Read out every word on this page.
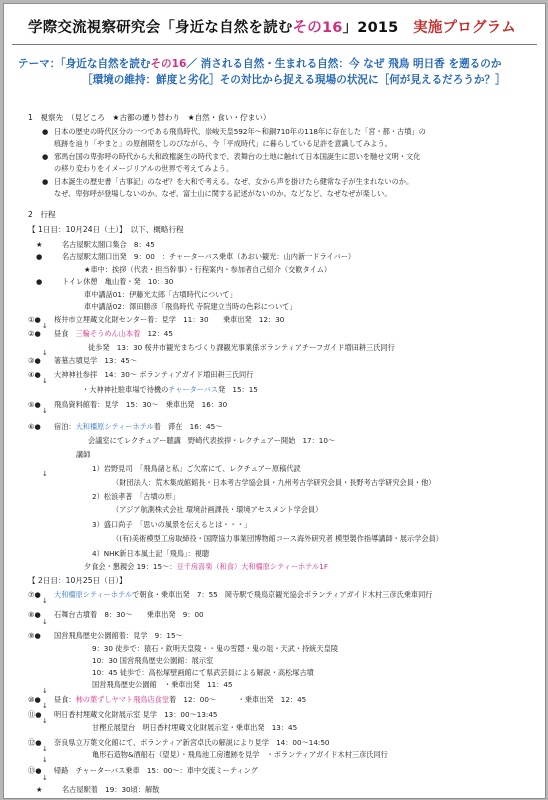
学際交流視察研究会「身近な自然を読むその16」2015　実施プログラム
テーマ：「身近な自然を読むその16／ 消される自然・生まれる自然：今 なぜ 飛鳥 明日香 を遡るのか
［環境の維持：鮮度と劣化］その対比から捉える現場の状況に［何が見えるだろうか？］
1　視察先　（見どころ　★古都の遷り替わり　★自然・食い・佇まい）
● 日本の歴史の時代区分の一つである飛鳥時代、崇峻天皇592年〜和銅710年の118年に存在した「宮・都・古墳」の
痕跡を辿り「やまと」の原創期をしのびながら、今「平成時代」に暮らしている足許を意識してみよう。
● 邪馬台国の卑弥呼の時代から大和政権誕生の時代まで、表舞台の土地に触れて日本国誕生に思いを馳せ文明・文化
の移り変わりをイメージリアルの世界で考えてみよう。
● 日本誕生の歴史書「古事記」のなぜ？を大和で考える。なぜ、女から声を掛けたら健常な子が生まれないのか。
なぜ、卑弥呼が登場しないのか。なぜ、富士山に関する記述がないのか。などなど、なぜなぜが楽しい。
2　行程
【 1日目：10月24日（土）】　以下、概略行程
★	名古屋駅太閤口集合　8：45
●	名古屋駅太閤口出発　9：00　：チャーターバス乗車（あおい観光：山内新一ドライバー）
★車中：挨拶（代表・担当幹事）・行程案内・参加者自己紹介（交歓タイム）
●	トイレ休憩　亀山着・発　10：30
車中講話01：伊藤光太郎「古墳時代について」
車中講話02：澤田勝彦「飛鳥時代 寺院建立当時の色彩について」
①● 桜井市立埋蔵文化財センター着：見学　11：30　　乗車出発　12：30
②● 昼食　三輪そうめん山本着　12：45
徒歩発　13：30 桜井市観光まちづくり課観光事業係ボランティアチーフガイド増田耕三氏同行
③● 箸墓古墳見学　13：45〜
④● 大神神社参拝　14：30〜 ボランティアガイド増田耕三氏同行
・大神神社駐車場で待機のチャーターバス発　15：15
⑤● 飛鳥資料館着：見学　15：30〜　乗車出発　16：30
⑥● 宿泊：大和橿原シティーホテル着　滞在　16：45〜
会議室にてレクチュアー聴講　野崎代表挨拶・レクチュアー開始　17：10〜
講師
1）岩野見司　「飛鳥諸と私」ご欠席にて、レクチュアー原稿代読
（財団法人：荒木集成館館長・日本考古学協会員・九州考古学研究会員・長野考古学研究会員・他）
2）松浪孝普　「古墳の形」
（アジア航測株式会社 環境計画課長・環境アセスメント学会員）
3）盛口尚子　「思いの風景を伝えるとは・・・」
（(有)美術模型工房取締役・国際協力事業団博物館コース海外研究者 模型製作指導講師・展示学会員）
4）NHK新日本風土記「飛鳥」：視聴
夕食会・懇親会 19：15〜：豆千房喜楽（和食）大和橿原シティーホテル1F
【 2日目：10月25日（日）】
⑦● 大和橿原シティーホテルで朝食・乗車出発　7：55　岡寺駅で飛鳥京観光協会ボランティアガイド木村三彦氏乗車同行
⑧● 石舞台古墳着　8：30〜　　乗車出発　9：00
⑨● 国営飛鳥歴史公園館着：見学　9：15〜
9：30 徒歩で：猿石・欽明天皇陵・・鬼の雪隠・鬼の俎・天武・持統天皇陵
10：30 国営飛鳥歴史公園館：展示室
10：45 徒歩で：高松塚壁画館にて県武芸員による解説・高松塚古墳
国営飛鳥歴史公園館　・乗車出発　11：45
⑩● 昼食：柿の葉ずしヤマト飛鳥店食堂着　12：00〜　　　・乗車出発　12：45
⑪● 明日香村埋蔵文化財展示室 見学　13：00〜13:45
甘樫丘展望台　明日香村埋蔵文化財展示室・乗車出発　13：45
⑫● 奈良県立万葉文化館にて、ボランティア新宮卓氏の解説により見学　14：00〜14:50
亀形石造物&酒船石（望見）・飛鳥池工房遺跡を見学　・ボランティアガイド木村三彦氏同行
⑬● 帰路　チャーターバス乗車　15：00〜：車中交流ミーティング
★	名古屋駅着　19：30頃：解散
↓
↓
↓
↓
↓
↓
↓
↓
↓
↓
↓
↓
↓
